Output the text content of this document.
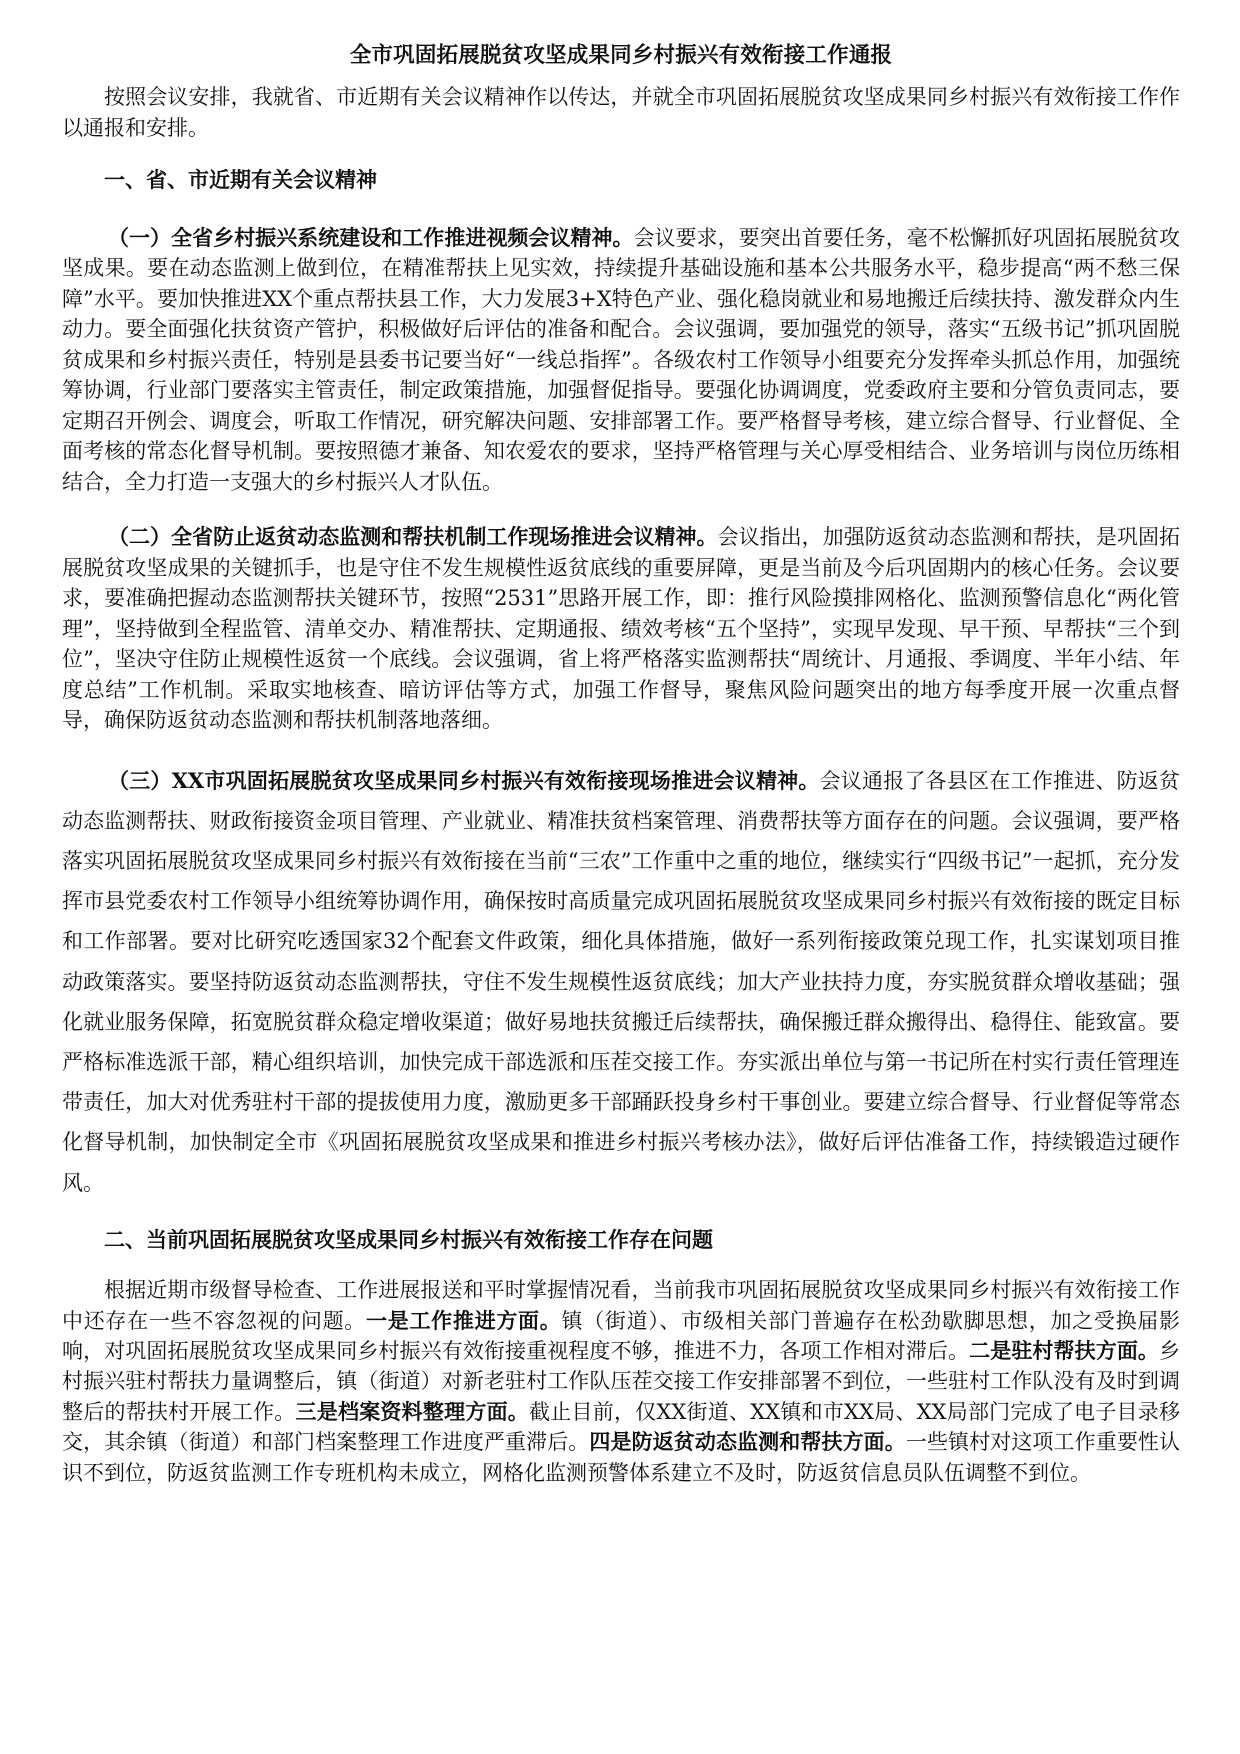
全市巩固拓展脱贫攻坚成果同乡村振兴有效衔接工作通报

按照会议安排，我就省、市近期有关会议精神作以传达，并就全市巩固拓展脱贫攻坚成果同乡村振兴有效衔接工作作以通报和安排。

一、省、市近期有关会议精神

（一）全省乡村振兴系统建设和工作推进视频会议精神。会议要求，要突出首要任务，毫不松懈抓好巩固拓展脱贫攻坚成果。要在动态监测上做到位，在精准帮扶上见实效，持续提升基础设施和基本公共服务水平，稳步提高“两不愁三保障”水平。要加快推进XX个重点帮扶县工作，大力发展3+X特色产业、强化稳岗就业和易地搬迁后续扶持、激发群众内生动力。要全面强化扶贫资产管护，积极做好后评估的准备和配合。会议强调，要加强党的领导，落实“五级书记”抓巩固脱贫成果和乡村振兴责任，特别是县委书记要当好“一线总指挥”。各级农村工作领导小组要充分发挥牵头抓总作用，加强统筹协调，行业部门要落实主管责任，制定政策措施，加强督促指导。要强化协调调度，党委政府主要和分管负责同志，要定期召开例会、调度会，听取工作情况，研究解决问题、安排部署工作。要严格督导考核，建立综合督导、行业督促、全面考核的常态化督导机制。要按照德才兼备、知农爱农的要求，坚持严格管理与关心厚受相结合、业务培训与岗位历练相结合，全力打造一支强大的乡村振兴人才队伍。

（二）全省防止返贫动态监测和帮扶机制工作现场推进会议精神。会议指出，加强防返贫动态监测和帮扶，是巩固拓展脱贫攻坚成果的关键抓手，也是守住不发生规模性返贫底线的重要屏障，更是当前及今后巩固期内的核心任务。会议要求，要准确把握动态监测帮扶关键环节，按照“2531”思路开展工作，即：推行风险摸排网格化、监测预警信息化“两化管理”，坚持做到全程监管、清单交办、精准帮扶、定期通报、绩效考核“五个坚持”，实现早发现、早干预、早帮扶“三个到位”，坚决守住防止规模性返贫一个底线。会议强调，省上将严格落实监测帮扶“周统计、月通报、季调度、半年小结、年度总结”工作机制。采取实地核查、暗访评估等方式，加强工作督导，聚焦风险问题突出的地方每季度开展一次重点督导，确保防返贫动态监测和帮扶机制落地落细。

（三）XX市巩固拓展脱贫攻坚成果同乡村振兴有效衔接现场推进会议精神。会议通报了各县区在工作推进、防返贫动态监测帮扶、财政衔接资金项目管理、产业就业、精准扶贫档案管理、消费帮扶等方面存在的问题。会议强调，要严格落实巩固拓展脱贫攻坚成果同乡村振兴有效衔接在当前“三农”工作重中之重的地位，继续实行“四级书记”一起抓，充分发挥市县党委农村工作领导小组统筹协调作用，确保按时高质量完成巩固拓展脱贫攻坚成果同乡村振兴有效衔接的既定目标和工作部署。要对比研究吃透国家32个配套文件政策，细化具体措施，做好一系列衔接政策兑现工作，扎实谋划项目推动政策落实。要坚持防返贫动态监测帮扶，守住不发生规模性返贫底线；加大产业扶持力度，夯实脱贫群众增收基础；强化就业服务保障，拓宽脱贫群众稳定增收渠道；做好易地扶贫搬迁后续帮扶，确保搬迁群众搬得出、稳得住、能致富。要严格标准选派干部，精心组织培训，加快完成干部选派和压茬交接工作。夯实派出单位与第一书记所在村实行责任管理连带责任，加大对优秀驻村干部的提拔使用力度，激励更多干部踊跃投身乡村干事创业。要建立综合督导、行业督促等常态化督导机制，加快制定全市《巩固拓展脱贫攻坚成果和推进乡村振兴考核办法》，做好后评估准备工作，持续锻造过硬作风。

二、当前巩固拓展脱贫攻坚成果同乡村振兴有效衔接工作存在问题

根据近期市级督导检查、工作进展报送和平时掌握情况看，当前我市巩固拓展脱贫攻坚成果同乡村振兴有效衔接工作中还存在一些不容忽视的问题。一是工作推进方面。镇（街道）、市级相关部门普遍存在松劲歇脚思想，加之受换届影响，对巩固拓展脱贫攻坚成果同乡村振兴有效衔接重视程度不够，推进不力，各项工作相对滞后。二是驻村帮扶方面。乡村振兴驻村帮扶力量调整后，镇（街道）对新老驻村工作队压茬交接工作安排部署不到位，一些驻村工作队没有及时到调整后的帮扶村开展工作。三是档案资料整理方面。截止目前，仅XX街道、XX镇和市XX局、XX局部门完成了电子目录移交，其余镇（街道）和部门档案整理工作进度严重滞后。四是防返贫动态监测和帮扶方面。一些镇村对这项工作重要性认识不到位，防返贫监测工作专班机构未成立，网格化监测预警体系建立不及时，防返贫信息员队伍调整不到位。
